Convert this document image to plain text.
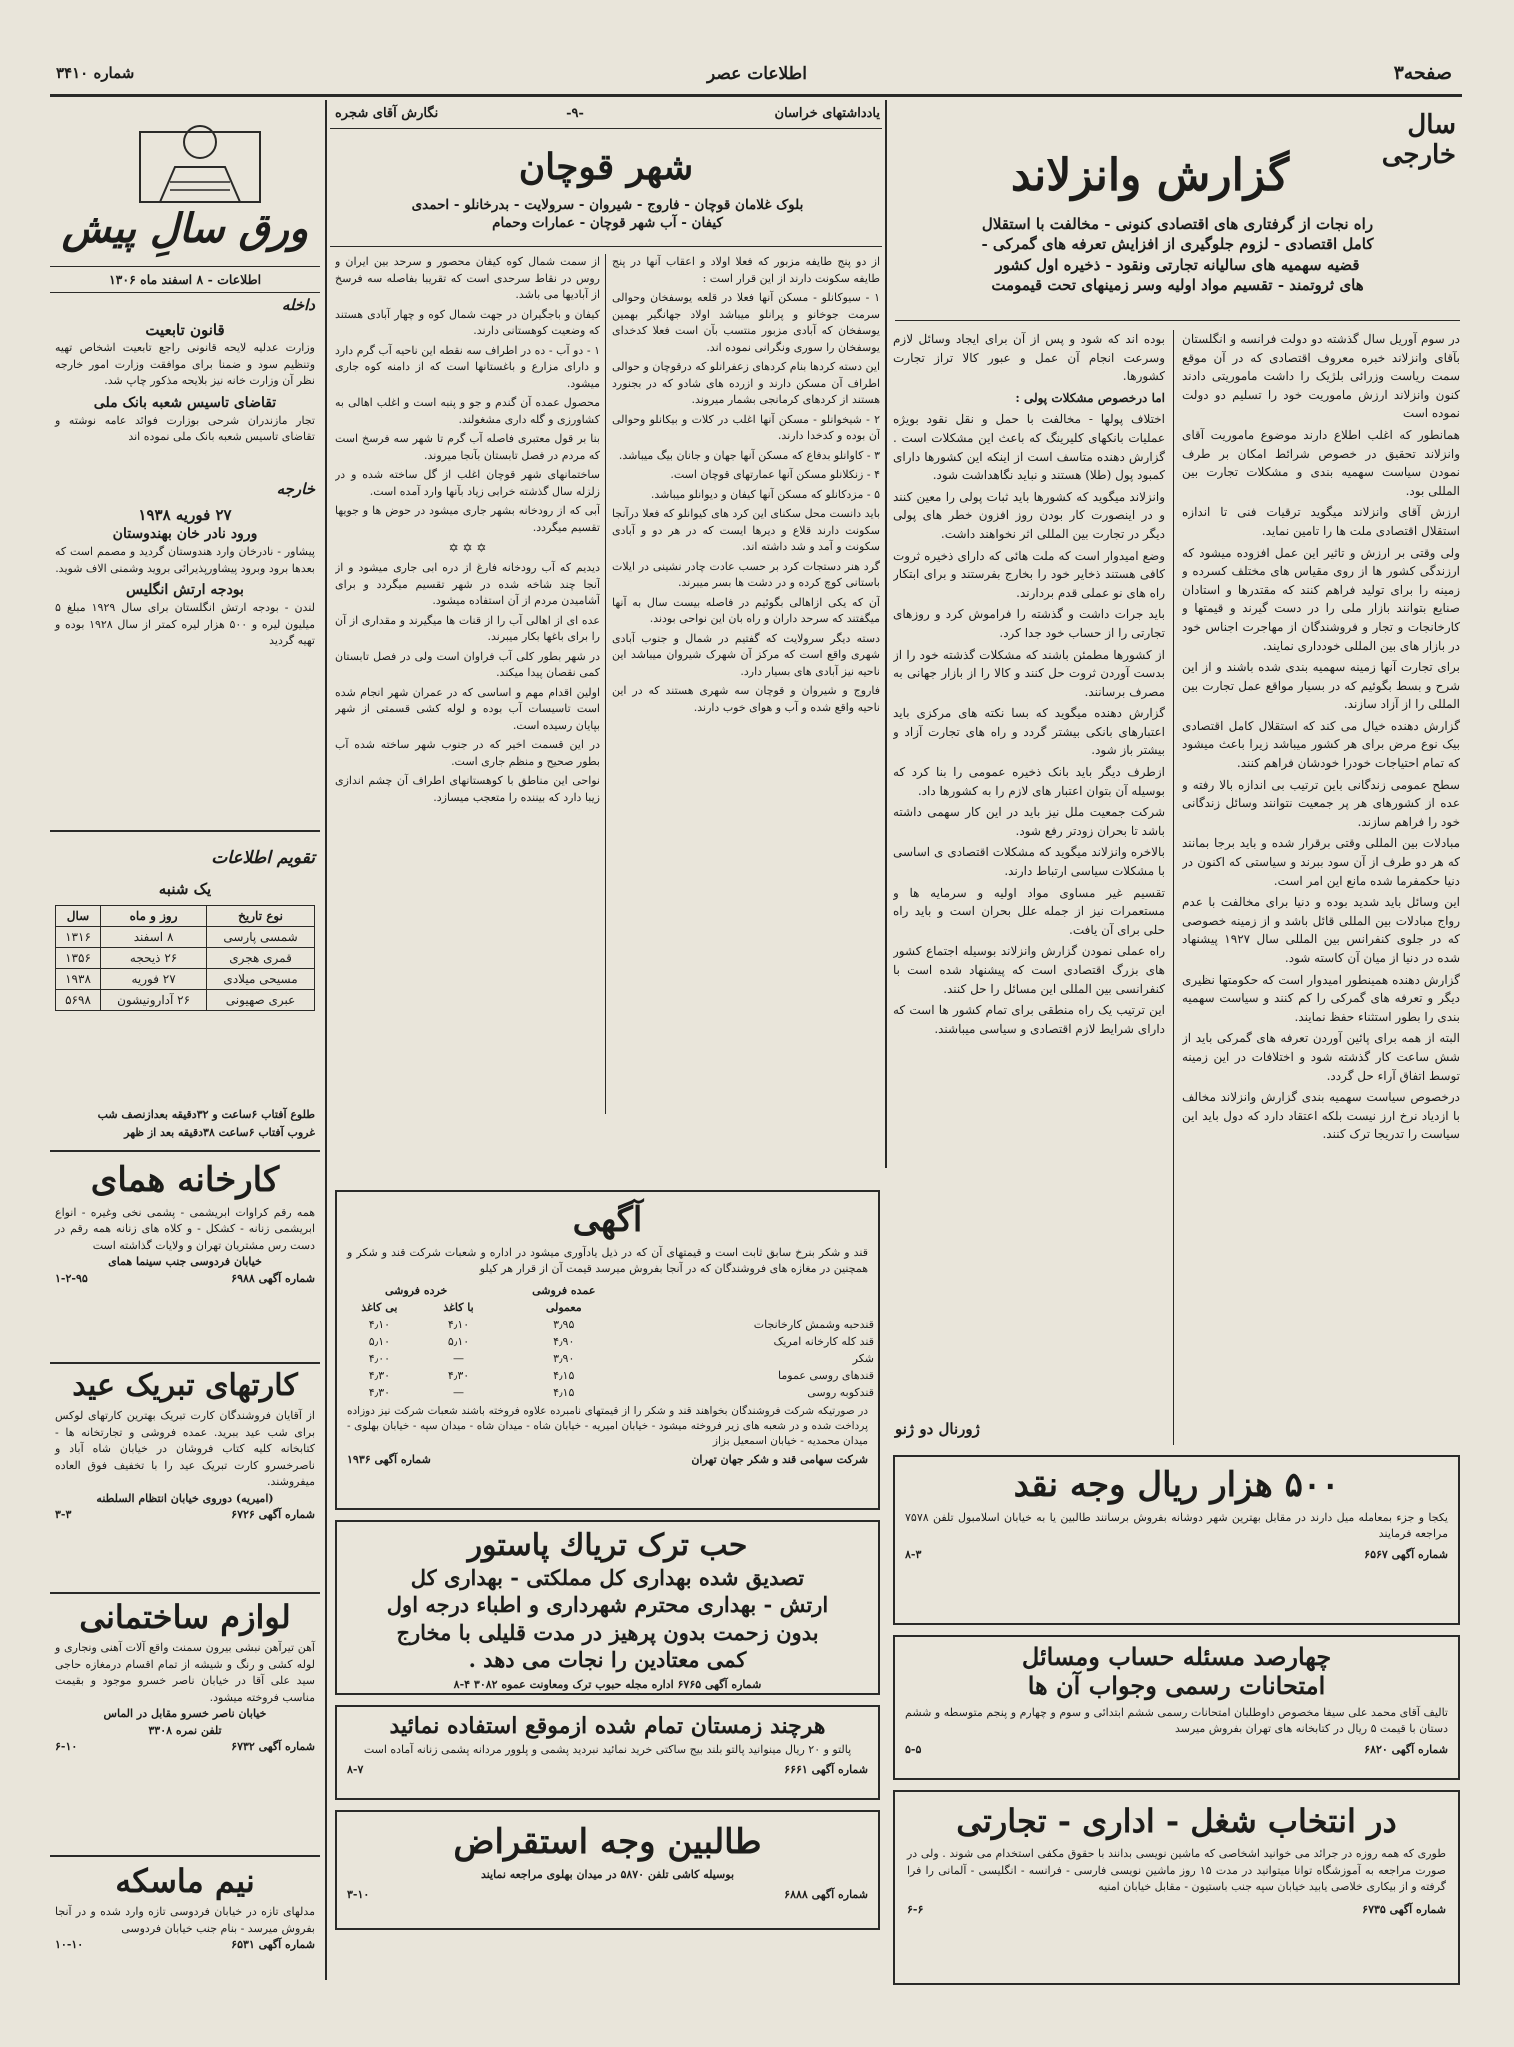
صفحه۳
اطلاعات عصر
شماره ۳۴۱۰
سال خارجی
گزارش وانزلاند
راه نجات از گرفتاری های اقتصادی کنونی - مخالفت با استقلال
کامل اقتصادی - لزوم جلوگیری از افزایش تعرفه های گمرکی -
قضیه سهمیه های سالیانه تجارتی ونقود - ذخیره اول کشور
های ثروتمند - تقسیم مواد اولیه وسر زمینهای تحت قیمومت

در سوم آوریل سال گذشته دو دولت فرانسه و انگلستان بآقای وانزلاند خبره معروف اقتصادی که در آن موقع سمت ریاست وزرائی بلژیک را داشت ماموریتی دادند کنون وانزلاند ارزش ماموریت خود را تسلیم دو دولت نموده است

همانطور که اغلب اطلاع دارند موضوع ماموریت آقای وانزلاند تحقیق در خصوص شرائط امکان بر طرف نمودن سیاست سهمیه بندی و مشکلات تجارت بین المللی بود.

ارزش آقای وانزلاند میگوید ترقیات فنی تا اندازه استقلال اقتصادی ملت ها را تامین نماید.

ولی وقتی بر ارزش و تاثیر این عمل افزوده میشود که ارزندگی کشور ها از روی مقیاس های مختلف کسرده و زمینه را برای تولید فراهم کنند که مقتدرها و استادان صنایع بتوانند بازار ملی را در دست گیرند و قیمتها و کارخانجات و تجار و فروشندگان از مهاجرت اجناس خود در بازار های بین المللی خودداری نمایند.

برای تجارت آنها زمینه سهمیه بندی شده باشند و از این شرح و بسط بگوئیم که در بسیار مواقع عمل تجارت بین المللی را از آزاد سازند.

گزارش دهنده خیال می کند که استقلال کامل اقتصادی بیک نوع مرض برای هر کشور میباشد زیرا باعث میشود که تمام احتیاجات خودرا خودشان فراهم کنند.

سطح عمومی زندگانی باین ترتیب بی اندازه بالا رفته و عده از کشورهای هر پر جمعیت نتوانند وسائل زندگانی خود را فراهم سازند.

مبادلات بین المللی وقتی برقرار شده و باید برجا بمانند که هر دو طرف از آن سود ببرند و سیاستی که اکنون در دنیا حکمفرما شده مانع این امر است.

این وسائل باید شدید بوده و دنیا برای مخالفت با عدم رواج مبادلات بین المللی قائل باشد و از زمینه خصوصی که در جلوی کنفرانس بین المللی سال ۱۹۲۷ پیشنهاد شده در دنیا از میان آن کاسته شود.

گزارش دهنده همینطور امیدوار است که حکومتها نظیری دیگر و تعرفه های گمرکی را کم کنند و سیاست سهمیه بندی را بطور استثناء حفظ نمایند.

البته از همه برای پائین آوردن تعرفه های گمرکی باید از شش ساعت کار گذشته شود و اختلافات در این زمینه توسط اتفاق آراء حل گردد.

درخصوص سیاست سهمیه بندی گزارش وانزلاند مخالف با ازدیاد نرخ ارز نیست بلکه اعتقاد دارد که دول باید این سیاست را تدریجا ترک کنند.

بوده اند که شود و پس از آن برای ایجاد وسائل لازم وسرعت انجام آن عمل و عبور کالا تراز تجارت کشورها.

اما درخصوص مشکلات پولی :

اختلاف پولها - مخالفت با حمل و نقل نقود بویژه عملیات بانکهای کلیرینگ که باعث این مشکلات است . گزارش دهنده متاسف است از اینکه این کشورها دارای کمبود پول (طلا) هستند و نباید نگاهداشت شود.

وانزلاند میگوید که کشورها باید ثبات پولی را معین کنند و در اینصورت کار بودن روز افزون خطر های پولی دیگر در تجارت بین المللی اثر نخواهند داشت.

وضع امیدوار است که ملت هائی که دارای ذخیره ثروت کافی هستند ذخایر خود را بخارج بفرستند و برای ابتکار راه های نو عملی قدم بردارند.

باید جرات داشت و گذشته را فراموش کرد و روزهای تجارتی را از حساب خود جدا کرد.

از کشورها مطمئن باشند که مشکلات گذشته خود را از بدست آوردن ثروت حل کنند و کالا را از بازار جهانی به مصرف برسانند.

گزارش دهنده میگوید که بسا نکته های مرکزی باید اعتبارهای بانکی بیشتر گردد و راه های تجارت آزاد و بیشتر باز شود.

ازطرف دیگر باید بانک ذخیره عمومی را بنا کرد که بوسیله آن بتوان اعتبار های لازم را به کشورها داد.

شرکت جمعیت ملل نیز باید در این کار سهمی داشته باشد تا بحران زودتر رفع شود.

بالاخره وانزلاند میگوید که مشکلات اقتصادی ی اساسی با مشکلات سیاسی ارتباط دارند.

تقسیم غیر مساوی مواد اولیه و سرمایه ها و مستعمرات نیز از جمله علل بحران است و باید راه حلی برای آن یافت.

راه عملی نمودن گزارش وانزلاند بوسیله اجتماع کشور های بزرگ اقتصادی است که پیشنهاد شده است با کنفرانسی بین المللی این مسائل را حل کنند.

این ترتیب یک راه منطقی برای تمام کشور ها است که دارای شرایط لازم اقتصادی و سیاسی میباشند.

ژورنال دو ژنو
یادداشتهای خراسان
-۹-
نگارش آقای شجره
شهر قوچان
بلوک غلامان قوچان - فاروج - شیروان - سرولایت - بدرخانلو - احمدی
کیفان - آب شهر قوچان - عمارات وحمام

از دو پنج طایفه مزبور که فعلا اولاد و اعقاب آنها در پنج طایفه سکونت دارند از این قرار است :

۱ - سیوکانلو - مسکن آنها فعلا در قلعه یوسفخان وحوالی سرمت جوخانو و پرانلو میباشد اولاد جهانگیر بهمین یوسفخان که آبادی مزبور منتسب بآن است فعلا کدخدای یوسفخان را سوری ونگرانی نموده اند.

این دسته کردها بنام کردهای زعفرانلو که درقوچان و حوالی اطراف آن مسکن دارند و ازرده های شادو که در بجنورد هستند از کردهای کرمانجی بشمار میروند.

۲ - شیخوانلو - مسکن آنها اغلب در کلات و بیکانلو وحوالی آن بوده و کدخدا دارند.

۳ - کاوانلو بدفاع که مسکن آنها جهان و جانان بیگ میباشد.

۴ - زنکلانلو مسکن آنها عمارتهای قوچان است.

۵ - مزدکانلو که مسکن آنها کیفان و دیوانلو میباشد.

باید دانست محل سکنای این کرد های کیوانلو که فعلا درآنجا سکونت دارند قلاع و دیرها ایست که در هر دو و آبادی سکونت و آمد و شد داشته اند.

گرد هنر دستجات کرد بر حسب عادت چادر نشینی در ایلات باستانی کوچ کرده و در دشت ها بسر میبرند.

آن که یکی ازاهالی بگوئیم در فاصله بیست سال به آنها میگفتند که سرحد داران و راه بان این نواحی بودند.

دسته دیگر سرولایت که گفتیم در شمال و جنوب آبادی شهری واقع است که مرکز آن شهرک شیروان میباشد این ناحیه نیز آبادی های بسیار دارد.

فاروج و شیروان و قوچان سه شهری هستند که در این ناحیه واقع شده و آب و هوای خوب دارند.

از سمت شمال کوه کیفان محصور و سرحد بین ایران و روس در نقاط سرحدی است که تقریبا بفاصله سه فرسخ از آبادیها می باشد.

کیفان و باجگیران در جهت شمال کوه و چهار آبادی هستند که وضعیت کوهستانی دارند.

۱ - دو آب - ده در اطراف سه نقطه این ناحیه آب گرم دارد و دارای مزارع و باغستانها است که از دامنه کوه جاری میشود.

محصول عمده آن گندم و جو و پنبه است و اغلب اهالی به کشاورزی و گله داری مشغولند.

بنا بر قول معتبری فاصله آب گرم تا شهر سه فرسخ است که مردم در فصل تابستان بآنجا میروند.

ساختمانهای شهر قوچان اغلب از گل ساخته شده و در زلزله سال گذشته خرابی زیاد بآنها وارد آمده است.

آبی که از رودخانه بشهر جاری میشود در حوض ها و جویها تقسیم میگردد.

✡ ✡ ✡

دیدیم که آب رودخانه فارغ از دره ابی جاری میشود و از آنجا چند شاخه شده در شهر تقسیم میگردد و برای آشامیدن مردم از آن استفاده میشود.

عده ای از اهالی آب را از قنات ها میگیرند و مقداری از آن را برای باغها بکار میبرند.

در شهر بطور کلی آب فراوان است ولی در فصل تابستان کمی نقصان پیدا میکند.

اولین اقدام مهم و اساسی که در عمران شهر انجام شده است تاسیسات آب بوده و لوله کشی قسمتی از شهر بپایان رسیده است.

در این قسمت اخیر که در جنوب شهر ساخته شده آب بطور صحیح و منظم جاری است.

نواحی این مناطق با کوهستانهای اطراف آن چشم اندازی زیبا دارد که بیننده را متعجب میسازد.

آگهی
قند و شکر بنرخ سابق ثابت است و قیمتهای آن که در ذیل یادآوری میشود در اداره و شعبات شرکت قند و شکر و همچنین در مغازه های فروشندگان که در آنجا بفروش میرسد قیمت آن از قرار هر کیلو
	عمده فروشی	خرده فروشی	
	معمولی	با کاغذ	بی کاغذ
قندحبه وشمش کارخانجات	۳٫۹۵	۴٫۱۰	۴٫۱۰
قند کله کارخانه امریک	۴٫۹۰	۵٫۱۰	۵٫۱۰
شکر	۳٫۹۰	—	۴٫۰۰
قندهای روسی عموما	۴٫۱۵	۴٫۳۰	۴٫۳۰
قندکوبه روسی	۴٫۱۵	—	۴٫۳۰
در صورتیکه شرکت فروشندگان بخواهند قند و شکر را از قیمتهای نامبرده علاوه فروخته باشند شعبات شرکت نیز دوزاده پرداخت شده و در شعبه های زیر فروخته میشود - خیابان امیریه - خیابان شاه - میدان شاه - میدان سپه - خیابان بهلوی - میدان محمدیه - خیابان اسمعیل بزاز
شرکت سهامی قند و شکر جهان تهران
شماره آگهی ۱۹۳۶
حب ترک تریاك پاستور
تصدیق شده بهداری کل مملکتی - بهداری کل
ارتش - بهداری محترم شهرداری و اطباء درجه اول
بدون زحمت بدون پرهیز در مدت قلیلی با مخارج
کمی معتادین را نجات می دهد .
شماره آگهی ۶۷۶۵ اداره مجله حبوب ترک ومعاونت عموه ۳۰۸۲ ۴-۸
هرچند زمستان تمام شده ازموقع استفاده نمائید
پالتو و ۲۰ ریال مینوانید پالتو بلند بیج ساکتی خرید نمائید نبردید پشمی و پلوور مردانه پشمی زنانه آماده است
شماره آگهی ۶۶۶۱
۸-۷
طالبین وجه استقراض
بوسیله کاشی تلفن ۵۸۷۰ در میدان بهلوی مراجعه نمایند
شماره آگهی ۶۸۸۸
۳-۱۰
۵۰۰ هزار ریال وجه نقد
یکجا و جزء بمعامله میل دارند در مقابل بهترین شهر دوشانه بفروش برسانند طالبین یا به خیابان اسلامبول تلفن ۷۵۷۸ مراجعه فرمایند
شماره آگهی ۶۵۶۷
۸-۳
چهارصد مسئله حساب ومسائل
امتحانات رسمی وجواب آن ها
تالیف آقای محمد علی سیفا مخصوص داوطلبان امتحانات رسمی ششم ابتدائی و سوم و چهارم و پنجم متوسطه و ششم دستان با قیمت ۵ ریال در کتابخانه های تهران بفروش میرسد
شماره آگهی ۶۸۲۰
۵-۵
در انتخاب شغل - اداری - تجارتی
طوری که همه روزه در جرائد می خوانید اشخاصی که ماشین نویسی بدانند با حقوق مکفی استخدام می شوند . ولی در صورت مراجعه به آموزشگاه توانا میتوانید در مدت ۱۵ روز ماشین نویسی فارسی - فرانسه - انگلیسی - آلمانی را فرا گرفته و از بیکاری خلاصی یابید خیابان سپه جنب باستیون - مقابل خیابان امنیه
شماره آگهی ۶۷۳۵
۶-۶
ورق سالِ پیش
اطلاعات - ۸ اسفند ماه ۱۳۰۶
داخله
قانون تابعیت
وزارت عدلیه لایحه قانونی راجع تابعیت اشخاص تهیه وتنظیم سود و ضمنا برای موافقت وزارت امور خارجه نظر آن وزارت خانه نیز بلایحه مذکور چاپ شد.
تقاضای تاسیس شعبه بانک ملی
تجار مازندران شرحی بوزارت فوائد عامه نوشته و تقاضای تاسیس شعبه بانک ملی نموده اند
خارجه
۲۷ فوریه ۱۹۳۸
ورود نادر خان بهندوستان
پیشاور - نادرخان وارد هندوستان گردید و مصمم است که بعدها برود وبرود پیشاورپذیرائی بروید وشمنی الاف شوید.
بودجه ارتش انگلیس
لندن - بودجه ارتش انگلستان برای سال ۱۹۲۹ مبلغ ۵ میلیون لیره و ۵۰۰ هزار لیره کمتر از سال ۱۹۲۸ بوده و تهیه گردید
تقویم اطلاعات
یک شنبه
نوع تاریخ	روز و ماه	سال
شمسی پارسی	۸ اسفند	۱۳۱۶
قمری هجری	۲۶ ذیحجه	۱۳۵۶
مسیحی میلادی	۲۷ فوریه	۱۹۳۸
عبری صهیونی	۲۶ آدارونیشون	۵۶۹۸
طلوع آفتاب ۶ساعت و ۳۲دقیقه بعدازنصف شب
غروب آفتاب ۶ساعت ۳۸دقیقه بعد از ظهر
کارخانه همای
همه رقم کراوات ابریشمی - پشمی نخی وغیره - انواع ابریشمی زنانه - کشکل - و کلاه های زنانه همه رقم در دست رس مشتریان تهران و ولایات گذاشته است
خیابان فردوسی جنب سینما همای
شماره آگهی ۶۹۸۸
۱-۲-۹۵
کارتهای تبریک عید
از آقایان فروشندگان کارت تبریک بهترین کارتهای لوکس برای شب عید ببرید. عمده فروشی و تجارتخانه ها - کتابخانه کلیه کتاب فروشان در خیابان شاه آباد و ناصرخسرو کارت تبریک عید را با تخفیف فوق العاده میفروشند.
(امیریه) دوروی خیابان انتظام السلطنه
شماره آگهی ۶۷۲۶
۳-۳
لوازم ساختمانی
آهن تیرآهن نبشی بیرون سمنت واقع آلات آهنی ونجاری و لوله کشی و رنگ و شیشه از تمام اقسام درمغازه حاجی سید علی آقا در خیابان ناصر خسرو موجود و بقیمت مناسب فروخته میشود.
خیابان ناصر خسرو مقابل در الماس
تلفن نمره ۳۳۰۸
شماره آگهی ۶۷۳۲
۶-۱۰
نیم ماسکه
مدلهای تازه در خیابان فردوسی تازه وارد شده و در آنجا بفروش میرسد - بنام جنب خیابان فردوسی
شماره آگهی ۶۵۳۱
۱۰-۱۰
